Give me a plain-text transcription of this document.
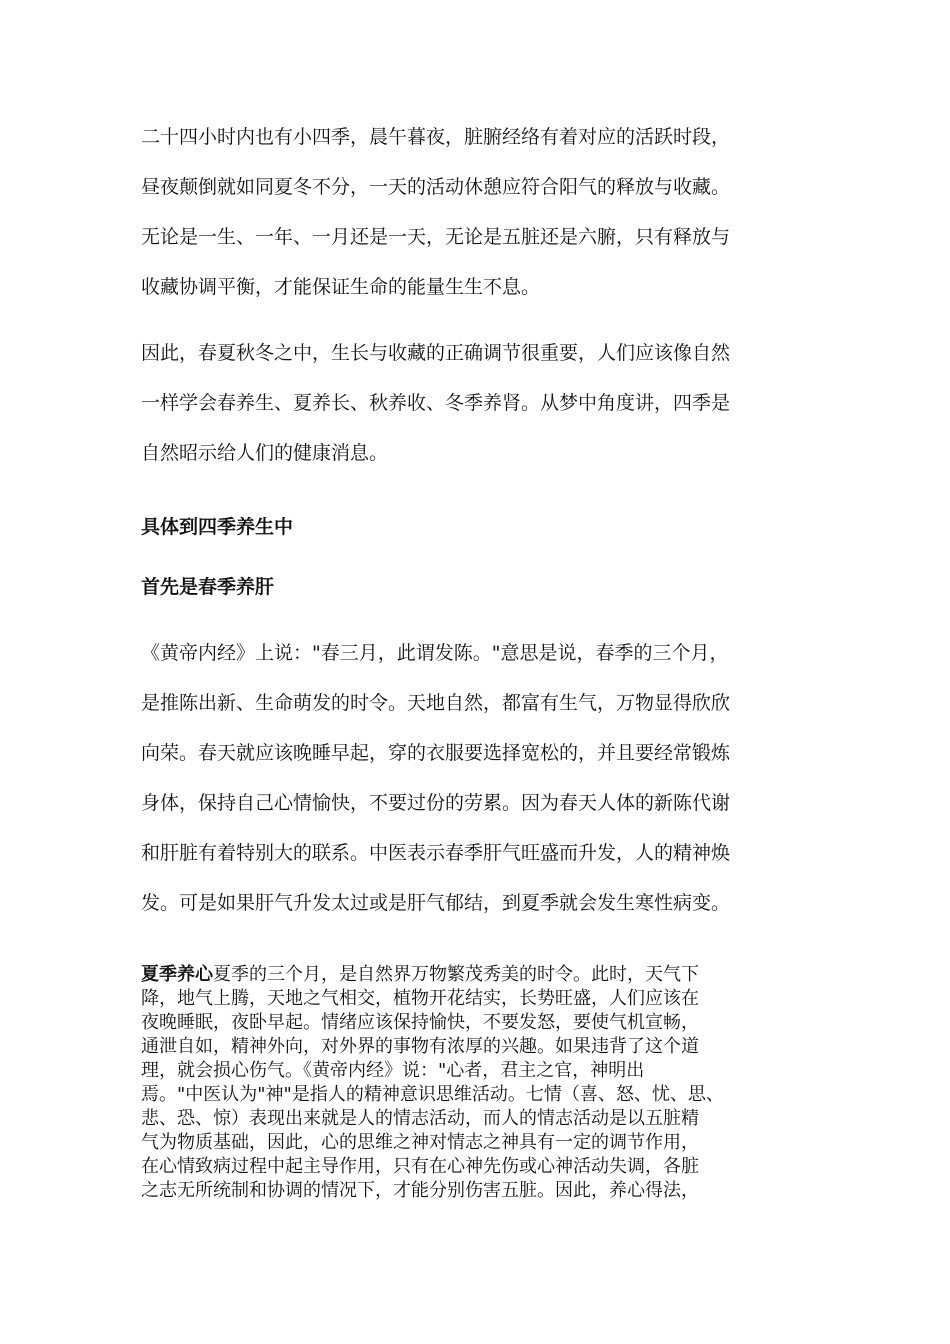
二十四小时内也有小四季，晨午暮夜，脏腑经络有着对应的活跃时段，
昼夜颠倒就如同夏冬不分，一天的活动休憩应符合阳气的释放与收藏。
无论是一生、一年、一月还是一天，无论是五脏还是六腑，只有释放与
收藏协调平衡，才能保证生命的能量生生不息。
因此，春夏秋冬之中，生长与收藏的正确调节很重要，人们应该像自然
一样学会春养生、夏养长、秋养收、冬季养肾。从梦中角度讲，四季是
自然昭示给人们的健康消息。
具体到四季养生中
首先是春季养肝
《黄帝内经》上说："春三月，此谓发陈。"意思是说，春季的三个月，
是推陈出新、生命萌发的时令。天地自然，都富有生气，万物显得欣欣
向荣。春天就应该晚睡早起，穿的衣服要选择宽松的，并且要经常锻炼
身体，保持自己心情愉快，不要过份的劳累。因为春天人体的新陈代谢
和肝脏有着特别大的联系。中医表示春季肝气旺盛而升发，人的精神焕
发。可是如果肝气升发太过或是肝气郁结，到夏季就会发生寒性病变。
夏季养心夏季的三个月，是自然界万物繁茂秀美的时令。此时，天气下
降，地气上腾，天地之气相交，植物开花结实，长势旺盛，人们应该在
夜晚睡眠，夜卧早起。情绪应该保持愉快，不要发怒，要使气机宣畅，
通泄自如，精神外向，对外界的事物有浓厚的兴趣。如果违背了这个道
理，就会损心伤气。《黄帝内经》说："心者，君主之官，神明出
焉。"中医认为"神"是指人的精神意识思维活动。七情（喜、怒、忧、思、
悲、恐、惊）表现出来就是人的情志活动，而人的情志活动是以五脏精
气为物质基础，因此，心的思维之神对情志之神具有一定的调节作用，
在心情致病过程中起主导作用，只有在心神先伤或心神活动失调，各脏
之志无所统制和协调的情况下，才能分别伤害五脏。因此，养心得法，
